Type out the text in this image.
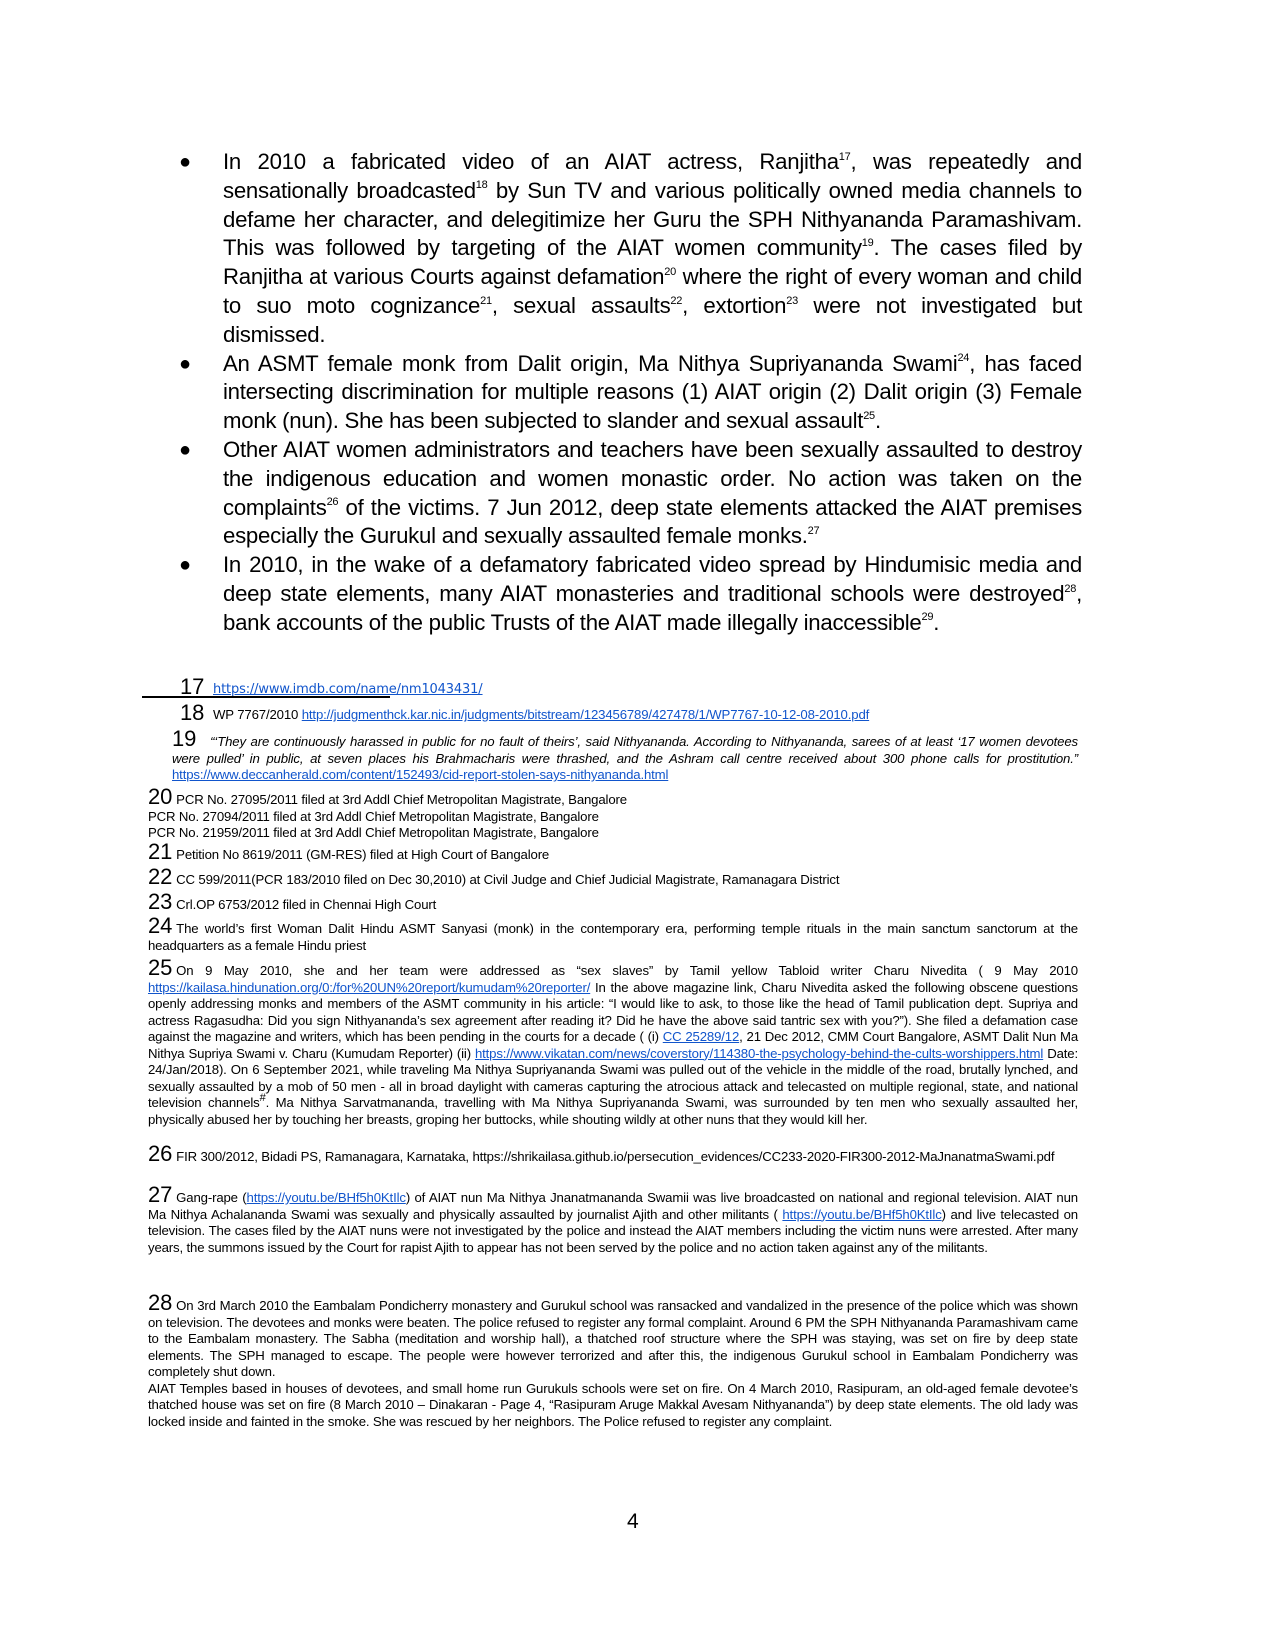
● In 2010 a fabricated video of an AIAT actress, Ranjitha$^{17}$, was repeatedly and sensationally broadcasted$^{18}$ by Sun TV and various politically owned media channels to defame her character, and delegitimize her Guru the SPH Nithyananda Paramashivam. This was followed by targeting of the AIAT women community$^{19}$. The cases filed by Ranjitha at various Courts against defamation$^{20}$ where the right of every woman and child to suo moto cognizance$^{21}$, sexual assaults$^{22}$, extortion$^{23}$ were not investigated but dismissed.
● An ASMT female monk from Dalit origin, Ma Nithya Supriyananda Swami$^{24}$, has faced intersecting discrimination for multiple reasons (1) AIAT origin (2) Dalit origin (3) Female monk (nun). She has been subjected to slander and sexual assault$^{25}$.
● Other AIAT women administrators and teachers have been sexually assaulted to destroy the indigenous education and women monastic order. No action was taken on the complaints$^{26}$ of the victims. 7 Jun 2012, deep state elements attacked the AIAT premises especially the Gurukul and sexually assaulted female monks.$^{27}$
● In 2010, in the wake of a defamatory fabricated video spread by Hindumisic media and deep state elements, many AIAT monasteries and traditional schools were destroyed$^{28}$, bank accounts of the public Trusts of the AIAT made illegally inaccessible$^{29}$.
17 https://www.imdb.com/name/nm1043431/
18 WP 7767/2010 http://judgmenthck.kar.nic.in/judgments/bitstream/123456789/427478/1/WP7767-10-12-08-2010.pdf
19 “‘They are continuously harassed in public for no fault of theirs’, said Nithyananda. According to Nithyananda, sarees of at least ‘17 women devotees were pulled’ in public, at seven places his Brahmacharis were thrashed, and the Ashram call centre received about 300 phone calls for prostitution.” https://www.deccanherald.com/content/152493/cid-report-stolen-says-nithyananda.html
20 PCR No. 27095/2011 filed at 3rd Addl Chief Metropolitan Magistrate, Bangalore
PCR No. 27094/2011 filed at 3rd Addl Chief Metropolitan Magistrate, Bangalore
PCR No. 21959/2011 filed at 3rd Addl Chief Metropolitan Magistrate, Bangalore
21 Petition No 8619/2011 (GM-RES) filed at High Court of Bangalore
22 CC 599/2011(PCR 183/2010 filed on Dec 30,2010) at Civil Judge and Chief Judicial Magistrate, Ramanagara District
23 Crl.OP 6753/2012 filed in Chennai High Court
24 The world’s first Woman Dalit Hindu ASMT Sanyasi (monk) in the contemporary era, performing temple rituals in the main sanctum sanctorum at the headquarters as a female Hindu priest
25 On 9 May 2010, she and her team were addressed as “sex slaves” by Tamil yellow Tabloid writer Charu Nivedita ( 9 May 2010 https://kailasa.hindunation.org/0:/for%20UN%20report/kumudam%20reporter/ In the above magazine link, Charu Nivedita asked the following obscene questions openly addressing monks and members of the ASMT community in his article: “I would like to ask, to those like the head of Tamil publication dept. Supriya and actress Ragasudha: Did you sign Nithyananda’s sex agreement after reading it? Did he have the above said tantric sex with you?”). She filed a defamation case against the magazine and writers, which has been pending in the courts for a decade ( (i) CC 25289/12, 21 Dec 2012, CMM Court Bangalore, ASMT Dalit Nun Ma Nithya Supriya Swami v. Charu (Kumudam Reporter) (ii) https://www.vikatan.com/news/coverstory/114380-the-psychology-behind-the-cults-worshippers.html Date: 24/Jan/2018). On 6 September 2021, while traveling Ma Nithya Supriyananda Swami was pulled out of the vehicle in the middle of the road, brutally lynched, and sexually assaulted by a mob of 50 men - all in broad daylight with cameras capturing the atrocious attack and telecasted on multiple regional, state, and national television channels#. Ma Nithya Sarvatmananda, travelling with Ma Nithya Supriyananda Swami, was surrounded by ten men who sexually assaulted her, physically abused her by touching her breasts, groping her buttocks, while shouting wildly at other nuns that they would kill her.
26 FIR 300/2012, Bidadi PS, Ramanagara, Karnataka, https://shrikailasa.github.io/persecution_evidences/CC233-2020-FIR300-2012-MaJnanatmaSwami.pdf
27 Gang-rape (https://youtu.be/BHf5h0KtIlc) of AIAT nun Ma Nithya Jnanatmananda Swamii was live broadcasted on national and regional television. AIAT nun Ma Nithya Achalananda Swami was sexually and physically assaulted by journalist Ajith and other militants ( https://youtu.be/BHf5h0KtIlc) and live telecasted on television. The cases filed by the AIAT nuns were not investigated by the police and instead the AIAT members including the victim nuns were arrested. After many years, the summons issued by the Court for rapist Ajith to appear has not been served by the police and no action taken against any of the militants.
28 On 3rd March 2010 the Eambalam Pondicherry monastery and Gurukul school was ransacked and vandalized in the presence of the police which was shown on television. The devotees and monks were beaten. The police refused to register any formal complaint. Around 6 PM the SPH Nithyananda Paramashivam came to the Eambalam monastery. The Sabha (meditation and worship hall), a thatched roof structure where the SPH was staying, was set on fire by deep state elements. The SPH managed to escape. The people were however terrorized and after this, the indigenous Gurukul school in Eambalam Pondicherry was completely shut down.
AIAT Temples based in houses of devotees, and small home run Gurukuls schools were set on fire. On 4 March 2010, Rasipuram, an old-aged female devotee’s thatched house was set on fire (8 March 2010 – Dinakaran - Page 4, “Rasipuram Aruge Makkal Avesam Nithyananda”) by deep state elements. The old lady was locked inside and fainted in the smoke. She was rescued by her neighbors. The Police refused to register any complaint.
4
